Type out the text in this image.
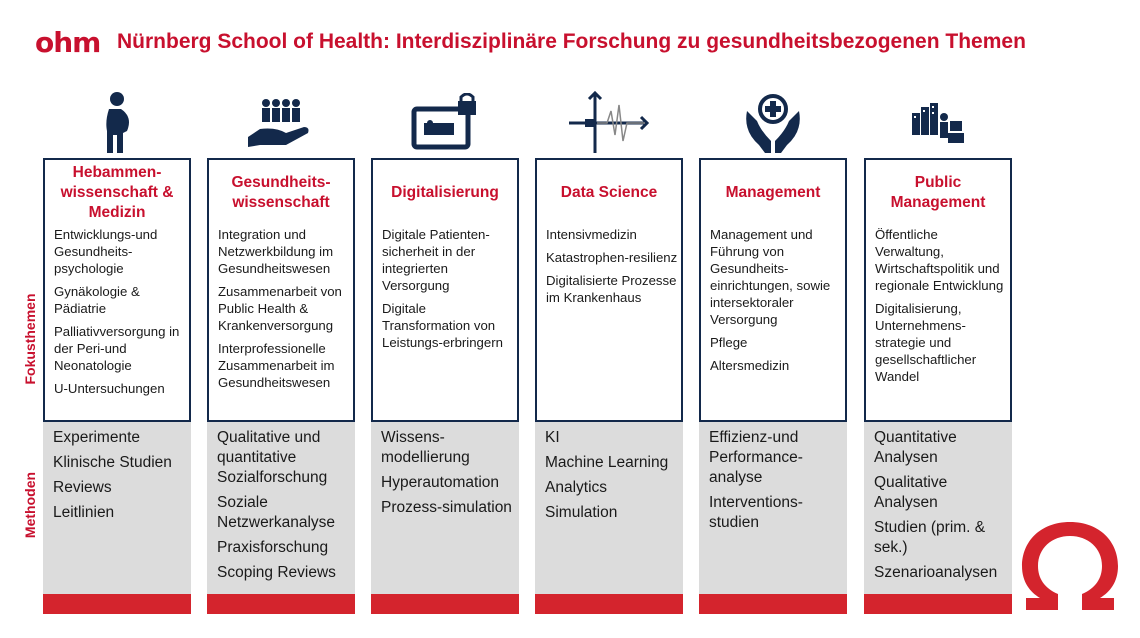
ohm Nürnberg School of Health: Interdisziplinäre Forschung zu gesundheitsbezogenen Themen
Fokusthemen
Methoden
Hebammen-wissenschaft & Medizin
Entwicklungs-und Gesundheits-psychologie
Gynäkologie & Pädiatrie
Palliativversorgung in der Peri-und Neonatologie
U-Untersuchungen
Experimente
Klinische Studien
Reviews
Leitlinien
Gesundheits-wissenschaft
Integration und Netzwerkbildung im Gesundheitswesen
Zusammenarbeit von Public Health & Krankenversorgung
Interprofessionelle Zusammenarbeit im Gesundheitswesen
Qualitative und quantitative Sozialforschung
Soziale Netzwerkanalyse
Praxisforschung
Scoping Reviews
Digitalisierung
Digitale Patienten-sicherheit in der integrierten Versorgung
Digitale Transformation von Leistungs-erbringern
Wissens-modellierung
Hyperautomation
Prozess-simulation
Data Science
Intensivmedizin
Katastrophen-resilienz
Digitalisierte Prozesse im Krankenhaus
KI
Machine Learning
Analytics
Simulation
Management
Management und Führung von Gesundheits-einrichtungen, sowie intersektoraler Versorgung
Pflege
Altersmedizin
Effizienz-und Performance-analyse
Interventions-studien
Public Management
Öffentliche Verwaltung, Wirtschaftspolitik und regionale Entwicklung
Digitalisierung, Unternehmens-strategie und gesellschaftlicher Wandel
Quantitative Analysen
Qualitative Analysen
Studien (prim. & sek.)
Szenarioanalysen
